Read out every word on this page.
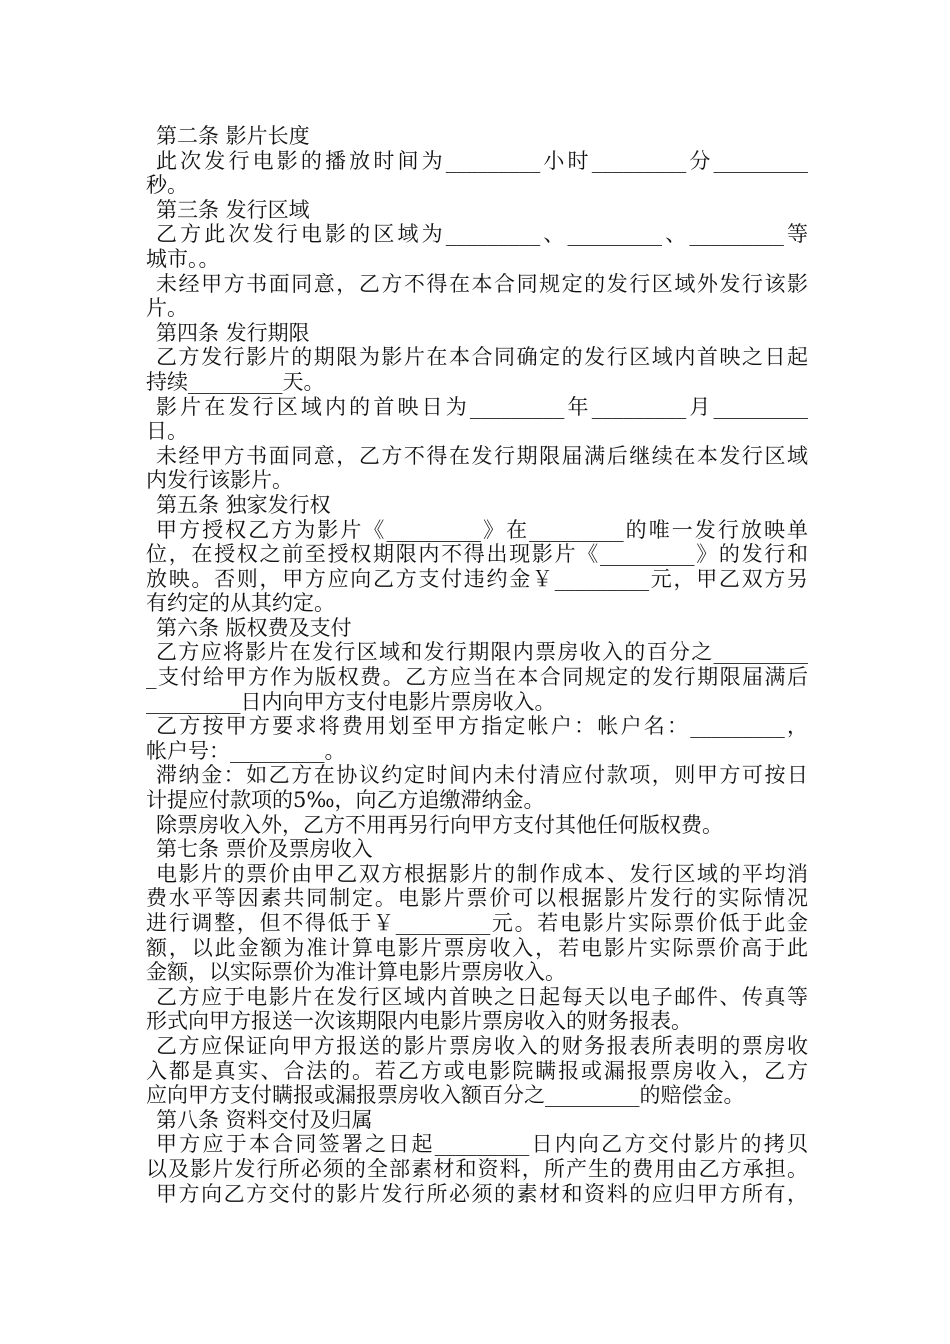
第二条 影片长度
此次发行电影的播放时间为_________小时_________分_________
秒。
第三条 发行区域
乙方此次发行电影的区域为_________、_________、_________等
城市。。
未经甲方书面同意，乙方不得在本合同规定的发行区域外发行该影
片。
第四条 发行期限
乙方发行影片的期限为影片在本合同确定的发行区域内首映之日起
持续_________天。
影片在发行区域内的首映日为_________年_________月_________
日。
未经甲方书面同意，乙方不得在发行期限届满后继续在本发行区域
内发行该影片。
第五条 独家发行权
甲方授权乙方为影片《_________》在_________的唯一发行放映单
位，在授权之前至授权期限内不得出现影片《_________》的发行和
放映。否则，甲方应向乙方支付违约金￥_________元，甲乙双方另
有约定的从其约定。
第六条 版权费及支付
乙方应将影片在发行区域和发行期限内票房收入的百分之_________
_支付给甲方作为版权费。乙方应当在本合同规定的发行期限届满后
_________日内向甲方支付电影片票房收入。
乙方按甲方要求将费用划至甲方指定帐户：帐户名：_________，
帐户号：_________。
滞纳金：如乙方在协议约定时间内未付清应付款项，则甲方可按日
计提应付款项的5‰，向乙方追缴滞纳金。
除票房收入外，乙方不用再另行向甲方支付其他任何版权费。
第七条 票价及票房收入
电影片的票价由甲乙双方根据影片的制作成本、发行区域的平均消
费水平等因素共同制定。电影片票价可以根据影片发行的实际情况
进行调整，但不得低于￥_________元。若电影片实际票价低于此金
额，以此金额为准计算电影片票房收入，若电影片实际票价高于此
金额，以实际票价为准计算电影片票房收入。
乙方应于电影片在发行区域内首映之日起每天以电子邮件、传真等
形式向甲方报送一次该期限内电影片票房收入的财务报表。
乙方应保证向甲方报送的影片票房收入的财务报表所表明的票房收
入都是真实、合法的。若乙方或电影院瞒报或漏报票房收入，乙方
应向甲方支付瞒报或漏报票房收入额百分之_________的赔偿金。
第八条 资料交付及归属
甲方应于本合同签署之日起_________日内向乙方交付影片的拷贝
以及影片发行所必须的全部素材和资料，所产生的费用由乙方承担。
甲方向乙方交付的影片发行所必须的素材和资料的应归甲方所有，
